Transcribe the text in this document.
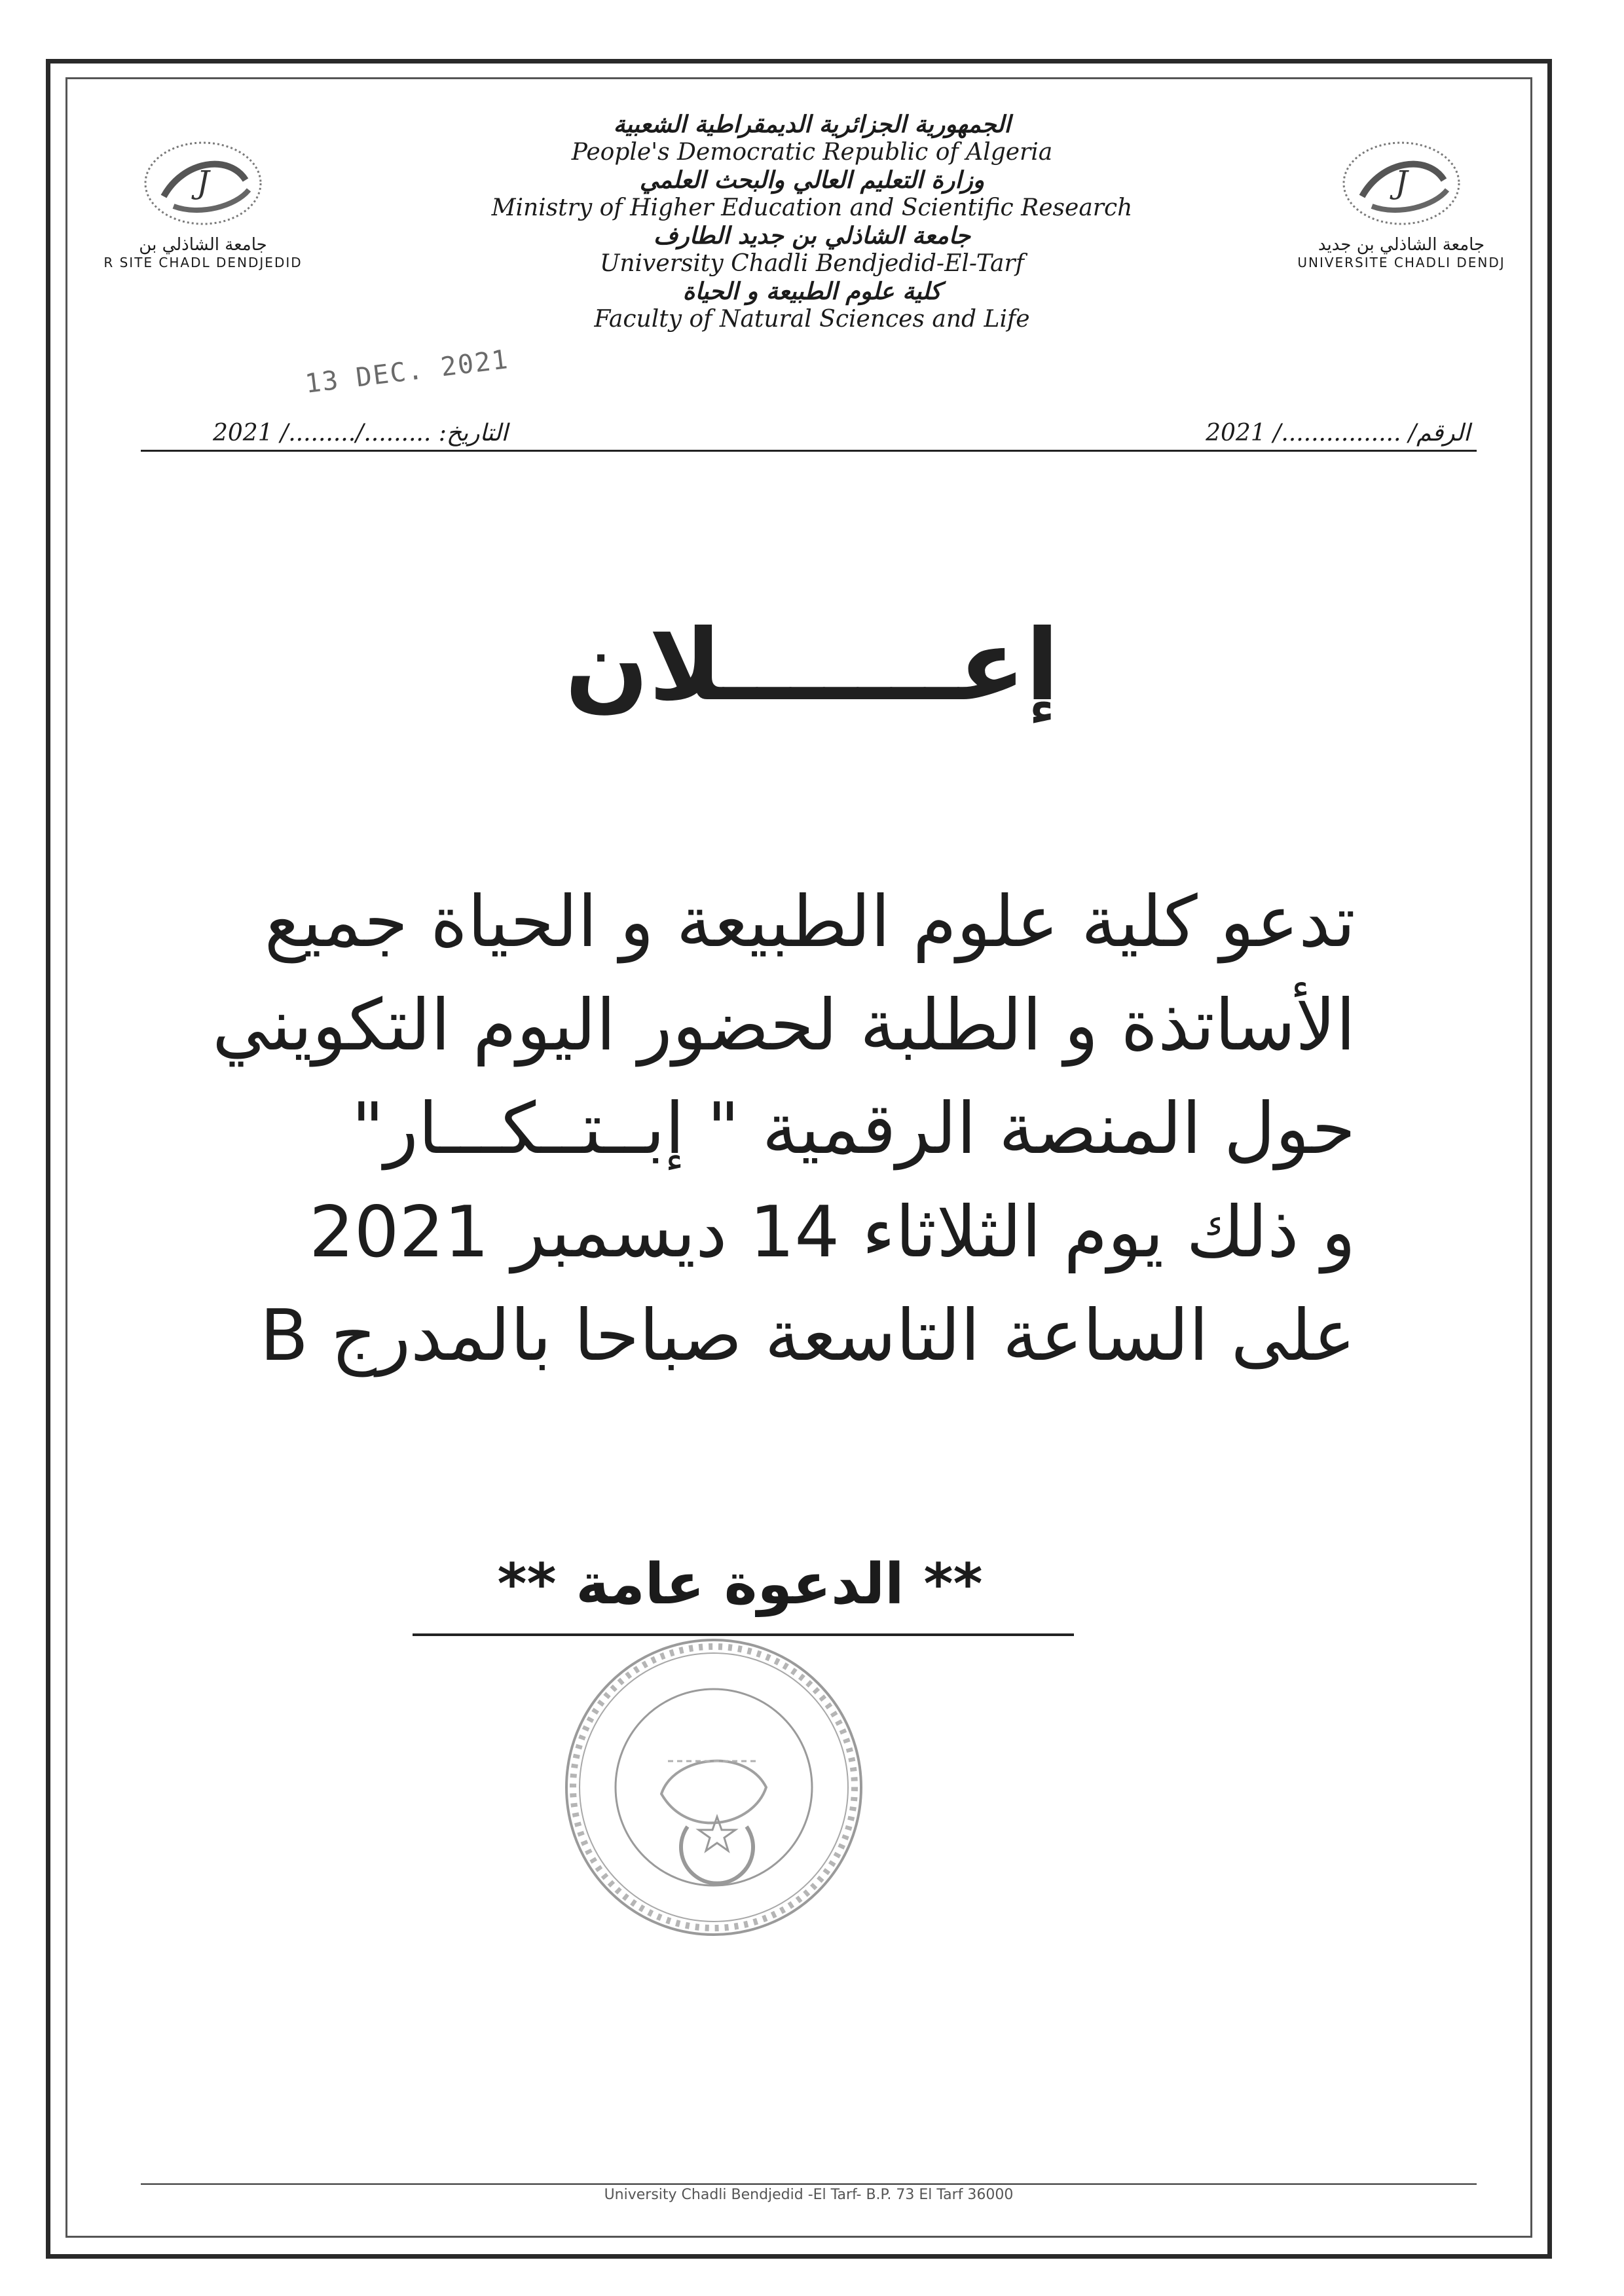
J
جامعة الشاذلي بن
R SITE CHADL DENDJEDID
J
جامعة الشاذلي بن جديد
UNIVERSITE CHADLI DENDJ
الجمهورية الجزائرية الديمقراطية الشعبية
People's Democratic Republic of Algeria
وزارة التعليم العالي والبحث العلمي
Ministry of Higher Education and Scientific Research
جامعة الشاذلي بن جديد الطارف
University Chadli Bendjedid-El-Tarf
كلية علوم الطبيعة و الحياة
Faculty of Natural Sciences and Life
13 DEC. 2021
الرقم/ ................/ 2021
التاريخ: ........./........./ 2021
إعـــــــلان
تدعو كلية علوم الطبيعة و الحياة جميع
الأساتذة و الطلبة لحضور اليوم التكويني
حول المنصة الرقمية " إبــتــكـــار"
و ذلك يوم الثلاثاء 14 ديسمبر 2021
على الساعة التاسعة صباحا بالمدرج B
** الدعوة عامة **
University Chadli Bendjedid -El Tarf- B.P. 73 El Tarf 36000
